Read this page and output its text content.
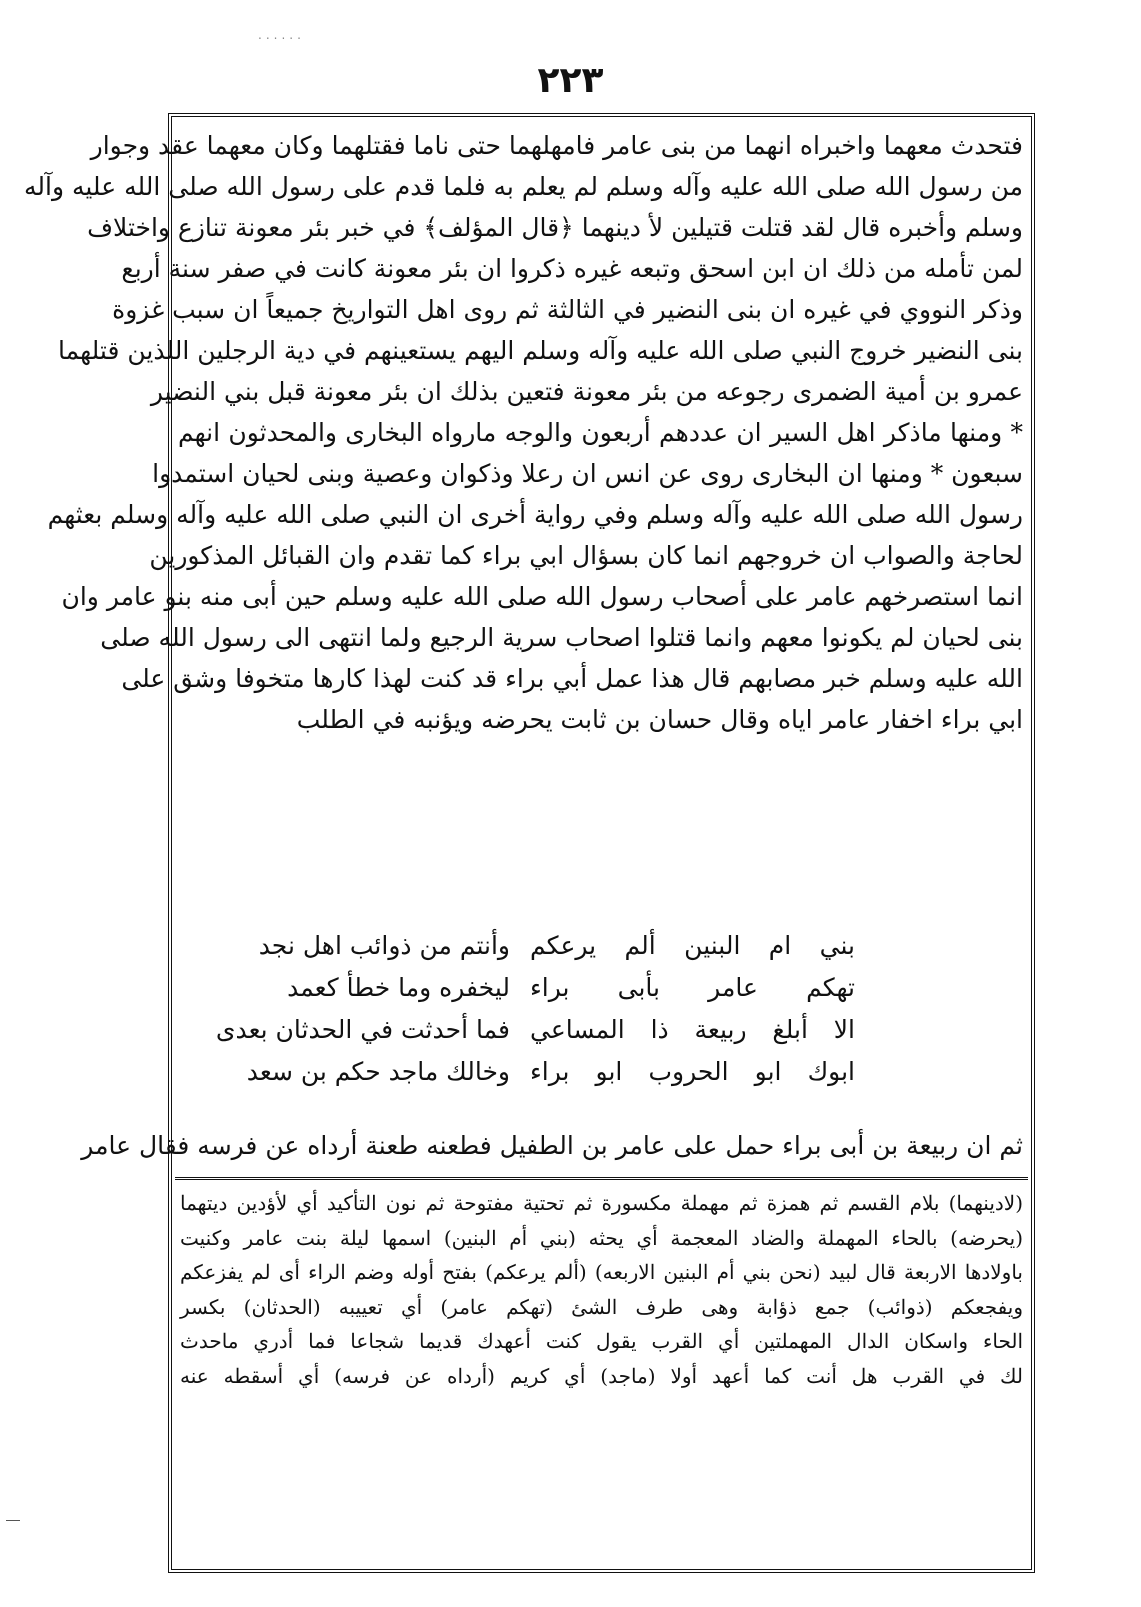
......
٢٢٣
فتحدث معهما واخبراه انهما من بنى عامر فامهلهما حتى ناما فقتلهما وكان معهما عقد وجوار
من رسول الله صلى الله عليه وآله وسلم لم يعلم به فلما قدم على رسول الله صلى الله عليه وآله
وسلم وأخبره قال لقد قتلت قتيلين لأ دينهما ﴿قال المؤلف﴾ في خبر بئر معونة تنازع واختلاف
لمن تأمله من ذلك ان ابن اسحق وتبعه غيره ذكروا ان بئر معونة كانت في صفر سنة أربع
وذكر النووي في غيره ان بنى النضير في الثالثة ثم روى اهل التواريخ جميعاً ان سبب غزوة
بنى النضير خروج النبي صلى الله عليه وآله وسلم اليهم يستعينهم في دية الرجلين اللذين قتلهما
عمرو بن أمية الضمرى رجوعه من بئر معونة فتعين بذلك ان بئر معونة قبل بني النضير
* ومنها ماذكر اهل السير ان عددهم أربعون والوجه مارواه البخارى والمحدثون انهم
سبعون * ومنها ان البخارى روى عن انس ان رعلا وذكوان وعصية وبنى لحيان استمدوا
رسول الله صلى الله عليه وآله وسلم وفي رواية أخرى ان النبي صلى الله عليه وآله وسلم بعثهم
لحاجة والصواب ان خروجهم انما كان بسؤال ابي براء كما تقدم وان القبائل المذكورين
انما استصرخهم عامر على أصحاب رسول الله صلى الله عليه وسلم حين أبى منه بنو عامر وان
بنى لحيان لم يكونوا معهم وانما قتلوا اصحاب سرية الرجيع ولما انتهى الى رسول الله صلى
الله عليه وسلم خبر مصابهم قال هذا عمل أبي براء قد كنت لهذا كارها متخوفا وشق على
ابي براء اخفار عامر اياه وقال حسان بن ثابت يحرضه ويؤنبه في الطلب
بني ام البنين ألم يرعكم
وأنتم من ذوائب اهل نجد
تهكم عامر بأبى براء
ليخفره وما خطأ كعمد
الا أبلغ ربيعة ذا المساعي
فما أحدثت في الحدثان بعدى
ابوك ابو الحروب ابو براء
وخالك ماجد حكم بن سعد
ثم ان ربيعة بن أبى براء حمل على عامر بن الطفيل فطعنه طعنة أرداه عن فرسه فقال عامر
(لادينهما) بلام القسم ثم همزة ثم مهملة مكسورة ثم تحتية مفتوحة ثم نون التأكيد أي لأؤدين ديتهما
(يحرضه) بالحاء المهملة والضاد المعجمة أي يحثه (بني أم البنين) اسمها ليلة بنت عامر وكنيت
باولادها الاربعة قال لبيد (نحن بني أم البنين الاربعه) (ألم يرعكم) بفتح أوله وضم الراء أى لم يفزعكم
ويفجعكم (ذوائب) جمع ذؤابة وهى طرف الشئ (تهكم عامر) أي تعييبه (الحدثان) بكسر
الحاء واسكان الدال المهملتين أي القرب يقول كنت أعهدك قديما شجاعا فما أدري ماحدث
لك في القرب هل أنت كما أعهد أولا (ماجد) أي كريم (أرداه عن فرسه) أي أسقطه عنه
